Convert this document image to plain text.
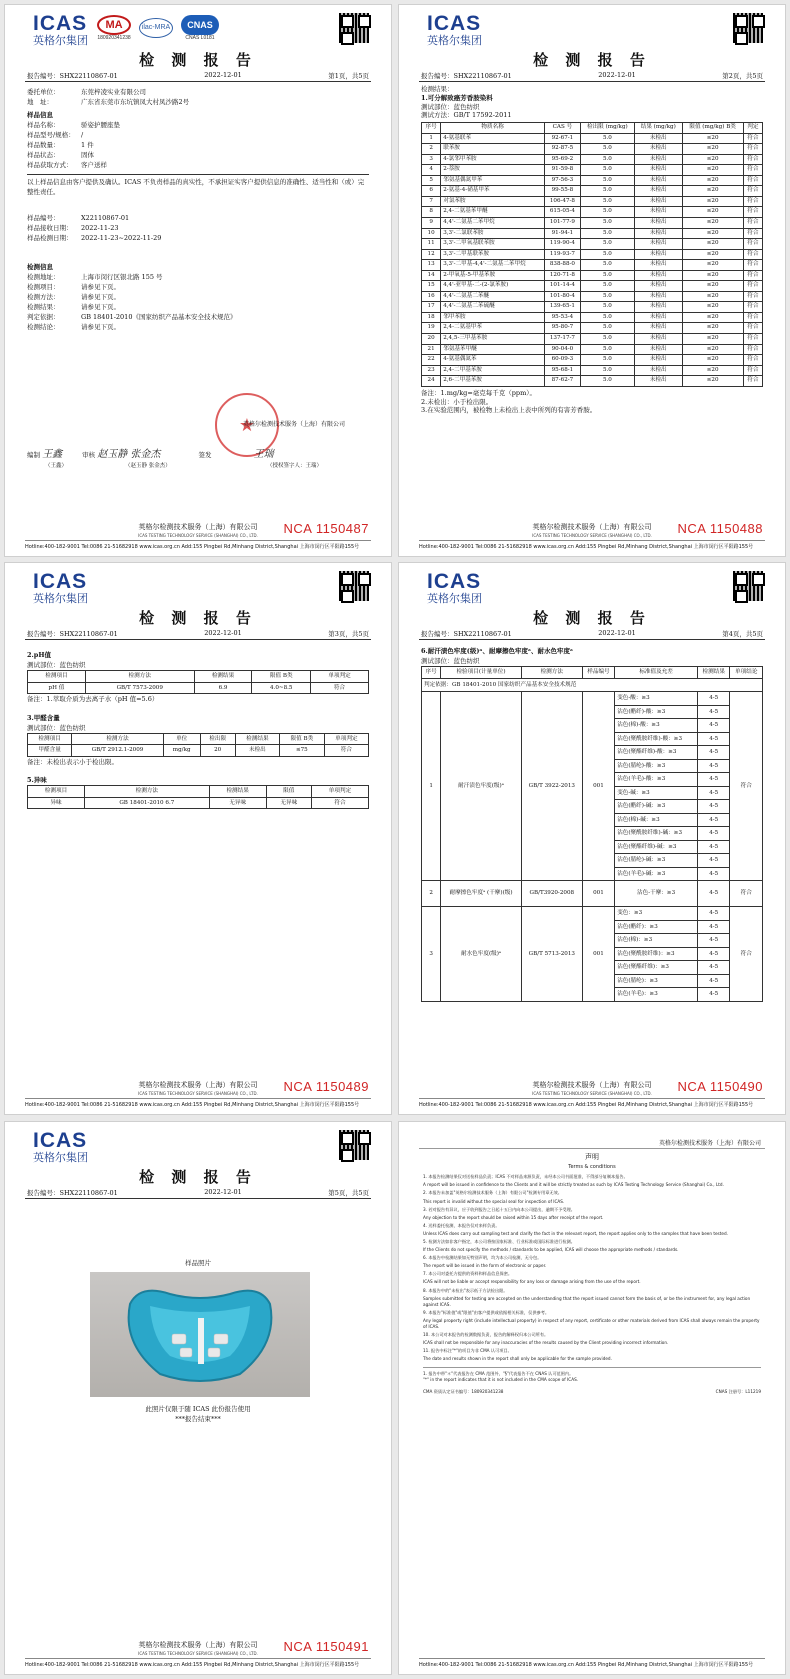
ICAS
英格尔集团
MA
180920341238
ilac-MRA	CNAS
CNAS L0181
检 测 报 告
报告编号：SHX22110867-01	2022-12-01	第1页，共5页
委托单位：	东莞梓凌实业有限公司
地　址：	广东省东莞市东坑镇凤大村凤沙路2号
样品信息
样品名称：	骄姿护腰座垫
样品型号/规格： /
样品数量：	1 件
样品状态：	固体
样品获取方式：	客户送样
以上样品信息由客户提供及确认。ICAS 不负责样品的真实性，不承担证实客户提供信息的准确性、适当性和（或）完整性责任。
样品编号：	X22110867-01
样品接收日期：	2022-11-23
样品检测日期：	2022-11-23~2022-11-29
检测信息
检测地址：	上海市闵行区银北路 155 号
检测项目：	请参见下页。
检测方法：	请参见下页。
检测结果：	请参见下页。
判定依据：	GB 18401-2010《国家纺织产品基本安全技术规范》
检测结论：	请参见下页。
★
英格尔检测技术服务（上海）有限公司
编制 王鑫	审核 赵玉静 张金杰	签发	王瑞
（王鑫）	（赵玉静 张金杰）	（授权签字人：王瑞）
NCA 1150487
英格尔检测技术服务（上海）有限公司
ICAS TESTING TECHNOLOGY SERVICE (SHANGHAI) CO., LTD.
Hotline:400-182-9001 Tel:0086 21-51682918 www.icas.org.cn Add:155 Pingbei Rd,Minhang District,Shanghai 上海市闵行区平阳路155号
ICAS
英格尔集团
检 测 报 告
报告编号：SHX22110867-01	2022-12-01	第2页，共5页
检测结果：
1.可分解致癌芳香胺染料
测试部位：蓝色纺织
测试方法：GB/T 17592-2011
序号	物质名称	CAS 号	检出限 (mg/kg)	结果 (mg/kg)	限值 (mg/kg) B类	判定
1	4-氨基联苯	92-67-1	5.0	未检出	≤20	符合
2	联苯胺	92-87-5	5.0	未检出	≤20	符合
3	4-氯邻甲苯胺	95-69-2	5.0	未检出	≤20	符合
4	2-萘胺	91-59-8	5.0	未检出	≤20	符合
5	邻氨基偶氮甲苯	97-56-3	5.0	未检出	≤20	符合
6	2-氨基-4-硝基甲苯	99-55-8	5.0	未检出	≤20	符合
7	对氯苯胺	106-47-8	5.0	未检出	≤20	符合
8	2,4-二氨基苯甲醚	615-05-4	5.0	未检出	≤20	符合
9	4,4'-二氨基二苯甲烷	101-77-9	5.0	未检出	≤20	符合
10	3,3'-二氯联苯胺	91-94-1	5.0	未检出	≤20	符合
11	3,3'-二甲氧基联苯胺	119-90-4	5.0	未检出	≤20	符合
12	3,3'-二甲基联苯胺	119-93-7	5.0	未检出	≤20	符合
13	3,3'-二甲基-4,4'-二氨基二苯甲烷	838-88-0	5.0	未检出	≤20	符合
14	2-甲氧基-5-甲基苯胺	120-71-8	5.0	未检出	≤20	符合
15	4,4'-亚甲基-二-(2-氯苯胺)	101-14-4	5.0	未检出	≤20	符合
16	4,4'-二氨基二苯醚	101-80-4	5.0	未检出	≤20	符合
17	4,4'-二氨基二苯硫醚	139-65-1	5.0	未检出	≤20	符合
18	邻甲苯胺	95-53-4	5.0	未检出	≤20	符合
19	2,4-二氨基甲苯	95-80-7	5.0	未检出	≤20	符合
20	2,4,5-三甲基苯胺	137-17-7	5.0	未检出	≤20	符合
21	邻氨基苯甲醚	90-04-0	5.0	未检出	≤20	符合
22	4-氨基偶氮苯	60-09-3	5.0	未检出	≤20	符合
23	2,4-二甲基苯胺	95-68-1	5.0	未检出	≤20	符合
24	2,6-二甲基苯胺	87-62-7	5.0	未检出	≤20	符合
备注：1.mg/kg=毫克每千克（ppm）。
2.未检出：小于检出限。
3.在实验范围内，被检物上未检出上表中所列的有害芳香胺。
NCA 1150488
英格尔检测技术服务（上海）有限公司
ICAS TESTING TECHNOLOGY SERVICE (SHANGHAI) CO., LTD.
Hotline:400-182-9001 Tel:0086 21-51682918 www.icas.org.cn Add:155 Pingbei Rd,Minhang District,Shanghai 上海市闵行区平阳路155号
ICAS
英格尔集团
检 测 报 告
报告编号：SHX22110867-01	2022-12-01	第3页，共5页
2.pH值
测试部位：蓝色纺织
检测项目	检测方法	检测结果	限值 B类	单项判定
pH 值	GB/T 7573-2009	6.9	4.0~8.5	符合
备注：1.萃取介质为去离子水（pH 值=5.6）
3.甲醛含量
测试部位：蓝色纺织
检测项目	检测方法	单位	检出限	检测结果	限值 B类	单项判定
甲醛含量	GB/T 2912.1-2009	mg/kg	20	未检出	≤75	符合
备注：未检出表示小于检出限。
5.异味
检测项目	检测方法	检测结果	限值	单项判定
异味	GB 18401-2010 6.7	无异味	无异味	符合
NCA 1150489
英格尔检测技术服务（上海）有限公司
ICAS TESTING TECHNOLOGY SERVICE (SHANGHAI) CO., LTD.
Hotline:400-182-9001 Tel:0086 21-51682918 www.icas.org.cn Add:155 Pingbei Rd,Minhang District,Shanghai 上海市闵行区平阳路155号
ICAS
英格尔集团
检 测 报 告
报告编号：SHX22110867-01	2022-12-01	第4页，共5页
6.耐汗渍色牢度(级)ᵃ、耐摩擦色牢度ᵃ、耐水色牢度ᵃ
测试部位：蓝色纺织
序号	检验项目(计量单位)	检测方法	样品编号	标准值及允差	检测结果	单项结论
判定依据：GB 18401-2010 国家纺织产品基本安全技术规范						
1	耐汗渍色牢度(级)ᵃ	GB/T 3922-2013	001	变色-酸：≥3	4-5	符合
				沾色(醋纤)-酸：≥3	4-5	
				沾色(棉)-酸：≥3	4-5	
				沾色(聚酰胺纤维)-酸：≥3	4-5	
				沾色(聚酯纤维)-酸：≥3	4-5	
				沾色(腈纶)-酸：≥3	4-5	
				沾色(羊毛)-酸：≥3	4-5	
				变色-碱：≥3	4-5	
				沾色(醋纤)-碱：≥3	4-5	
				沾色(棉)-碱：≥3	4-5	
				沾色(聚酰胺纤维)-碱：≥3	4-5	
				沾色(聚酯纤维)-碱：≥3	4-5	
				沾色(腈纶)-碱：≥3	4-5	
				沾色(羊毛)-碱：≥3	4-5	
2	耐摩擦色牢度ᵃ (干摩)(级)	GB/T3920-2008	001	沾色-干摩：≥3	4-5	符合
3	耐水色牢度(级)ᵃ	GB/T 5713-2013	001	变色：≥3	4-5	符合
				沾色(醋纤)：≥3	4-5	
				沾色(棉)：≥3	4-5	
				沾色(聚酰胺纤维)：≥3	4-5	
				沾色(聚酯纤维)：≥3	4-5	
				沾色(腈纶)：≥3	4-5	
				沾色(羊毛)：≥3	4-5	
NCA 1150490
英格尔检测技术服务（上海）有限公司
ICAS TESTING TECHNOLOGY SERVICE (SHANGHAI) CO., LTD.
Hotline:400-182-9001 Tel:0086 21-51682918 www.icas.org.cn Add:155 Pingbei Rd,Minhang District,Shanghai 上海市闵行区平阳路155号
ICAS
英格尔集团
检 测 报 告
报告编号：SHX22110867-01	2022-12-01	第5页，共5页
样品照片
此照片仅限于随 ICAS 此份报告使用
***报告结束***
NCA 1150491
英格尔检测技术服务（上海）有限公司
ICAS TESTING TECHNOLOGY SERVICE (SHANGHAI) CO., LTD.
Hotline:400-182-9001 Tel:0086 21-51682918 www.icas.org.cn Add:155 Pingbei Rd,Minhang District,Shanghai 上海市闵行区平阳路155号
英格尔检测技术服务（上海）有限公司
声明
Terms & conditions

1. 本报告检测结果仅对送检样品负责；ICAS 不对样品来源负责，未经本公司书面批准，不得部分复制本报告。

A report will be issued in confidence to the Clients and it will be strictly treated as such by ICAS Testing Technology Service (Shanghai) Co., Ltd.

2. 本报告未加盖"英格尔检测技术服务（上海）有限公司"检测专用章无效。

This report is invalid without the special seal for inspection of ICAS.

3. 若对报告有异议，应于收到报告之日起十五日内向本公司提出，逾期不予受理。

Any objection to the report should be raised within 15 days after receipt of the report.

4. 送样委托检测，本报告仅对来样负责。

Unless ICAS does carry out sampling test and clarify the fact in the relevant report, the report applies only to the samples that have been tested.

5. 检测方法如非客户指定，本公司将按国家标准、行业标准或国际标准进行检测。

If the Clients do not specify the methods / standards to be applied, ICAS will choose the appropriate methods / standards.

6. 本报告中检测结果如无特别声明，均为本公司检测，无分包。

The report will be issued in the form of electronic or paper.

7. 本公司对委托方提供的资料和样品信息保密。

ICAS will not be liable or accept responsibility for any loss or damage arising from the use of the report.

8. 本报告中的"未检出"表示低于方法检出限。

Samples submitted for testing are accepted on the understanding that the report issued cannot form the basis of, or be the instrument for, any legal action against ICAS.

9. 本报告"标准值"或"限值"由客户提供或依据相关标准，仅供参考。

Any legal property right (include intellectual property) in respect of any report, certificate or other materials derived from ICAS shall always remain the property of ICAS.

10. 本公司对本报告的检测数据负责，报告的解释权归本公司所有。

ICAS shall not be responsible for any inaccuracies of the results caused by the Client providing incorrect information.

11. 报告中标注"*"的项目为非 CMA 认可项目。

The date and results shown in the report shall only be applicable for the sample provided.

1. 报告中带"＊"代表报告在 CMA 范围外，"§"代表报告不在 CNAS 认可范围内。
"*" in the report indicates that it is not included in the CMA scope of ICAS.
CMA 资质认定证书编号：180920341238	CNAS 注册号：L11219
Hotline:400-182-9001 Tel:0086 21-51682918 www.icas.org.cn Add:155 Pingbei Rd,Minhang District,Shanghai 上海市闵行区平阳路155号
